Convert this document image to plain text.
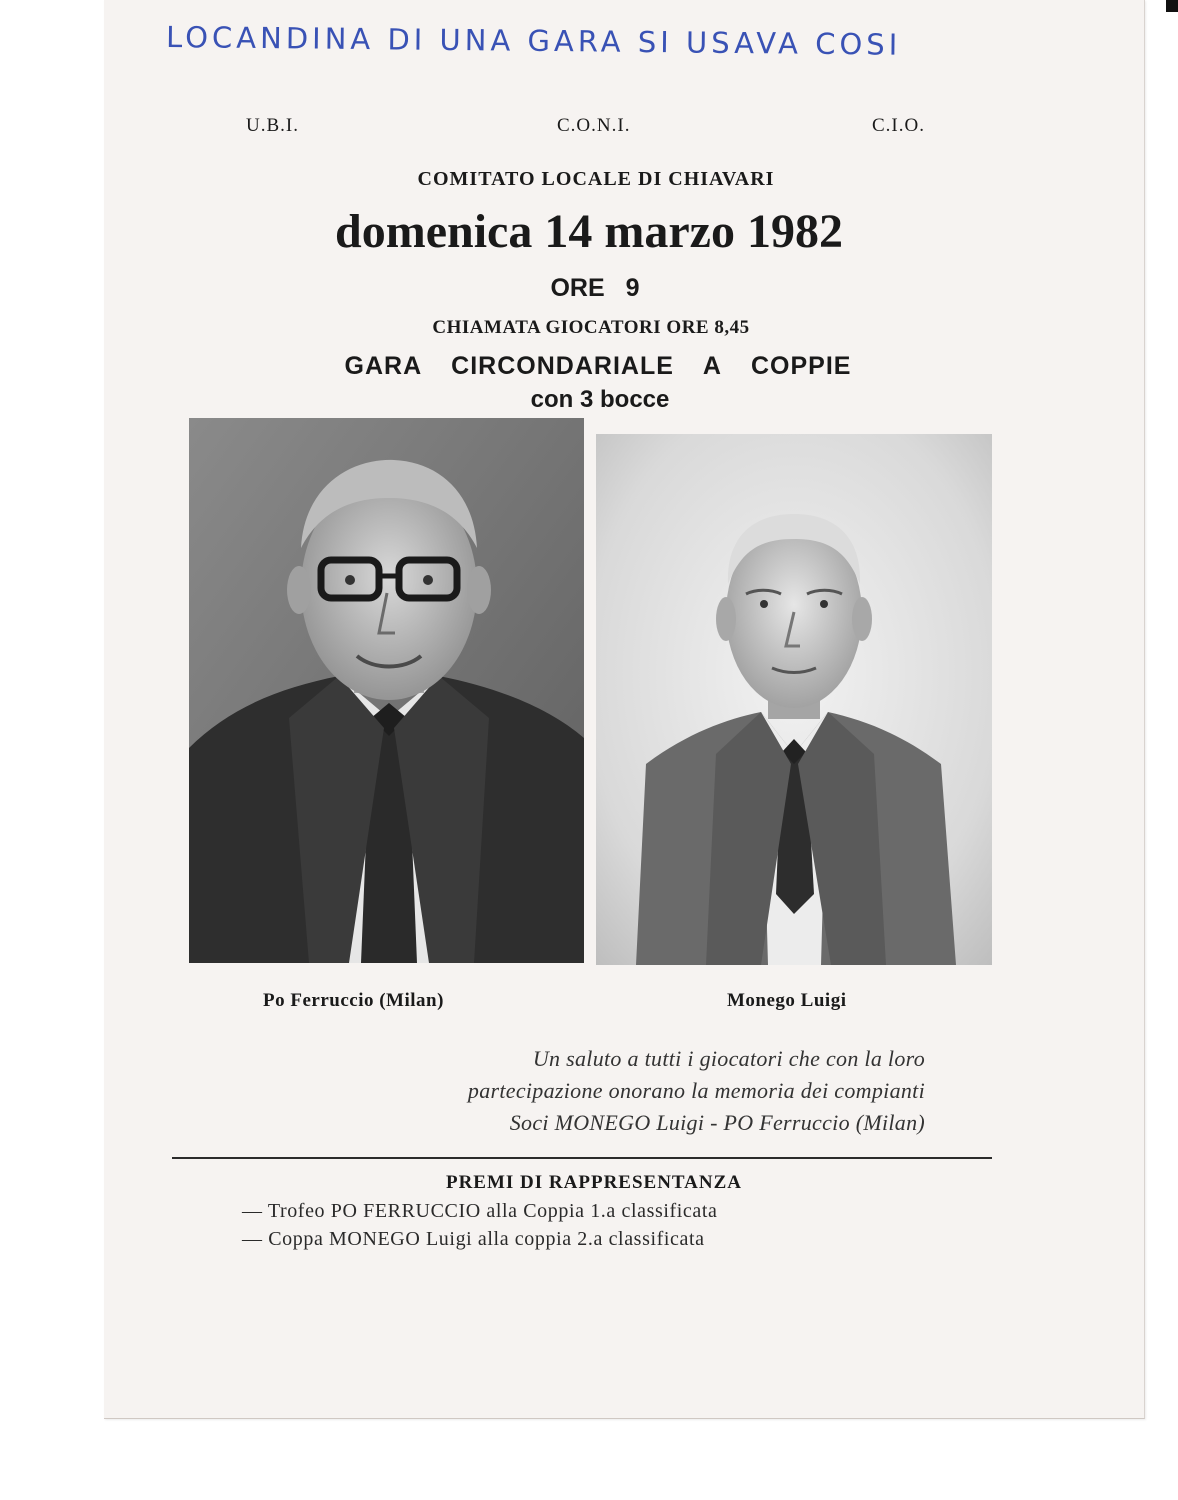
LOCANDINA DI UNA GARA SI USAVA COSI
U.B.I.	C.O.N.I.	C.I.O.
COMITATO LOCALE DI CHIAVARI
domenica 14 marzo 1982
ORE 9
CHIAMATA GIOCATORI ORE 8,45
GARA CIRCONDARIALE A COPPIE
con 3 bocce
Po Ferruccio (Milan)	Monego Luigi
Un saluto a tutti i giocatori che con la loro
partecipazione onorano la memoria dei compianti
Soci MONEGO Luigi - PO Ferruccio (Milan)
PREMI DI RAPPRESENTANZA
— Trofeo PO FERRUCCIO alla Coppia 1.a classificata
— Coppa MONEGO Luigi alla coppia 2.a classificata
